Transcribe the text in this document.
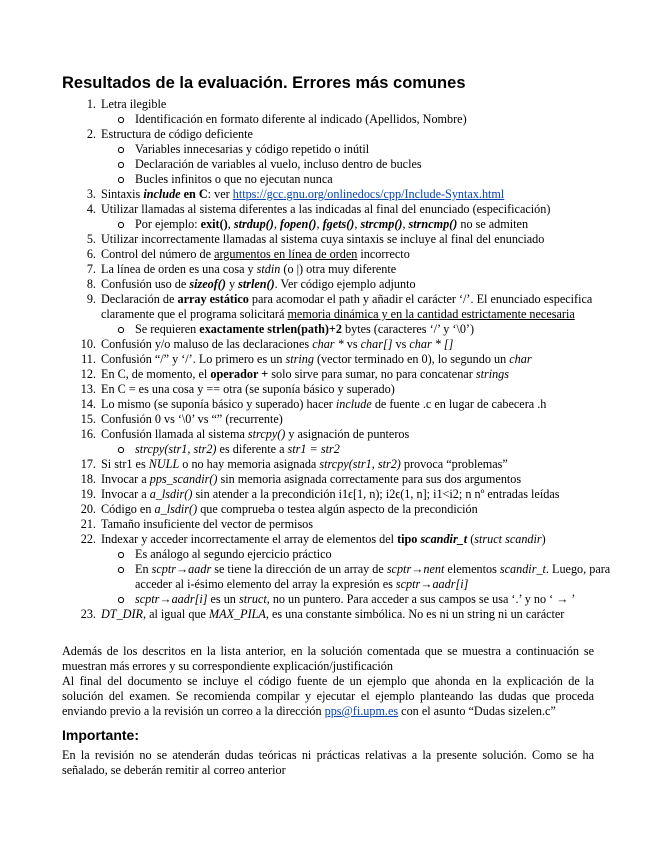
Resultados de la evaluación. Errores más comunes
1. Letra ilegible
Identificación en formato diferente al indicado (Apellidos, Nombre)
2. Estructura de código deficiente
Variables innecesarias y código repetido o inútil
Declaración de variables al vuelo, incluso dentro de bucles
Bucles infinitos o que no ejecutan nunca
3. Sintaxis include en C: ver https://gcc.gnu.org/onlinedocs/cpp/Include-Syntax.html
4. Utilizar llamadas al sistema diferentes a las indicadas al final del enunciado (especificación)
Por ejemplo: exit(), strdup(), fopen(), fgets(), strcmp(), strncmp() no se admiten
5. Utilizar incorrectamente llamadas al sistema cuya sintaxis se incluye al final del enunciado
6. Control del número de argumentos en línea de orden incorrecto
7. La línea de orden es una cosa y stdin (o |) otra muy diferente
8. Confusión uso de sizeof() y strlen(). Ver código ejemplo adjunto
9. Declaración de array estático para acomodar el path y añadir el carácter ‘/’. El enunciado especifica claramente que el programa solicitará memoria dinámica y en la cantidad estrictamente necesaria
Se requieren exactamente strlen(path)+2 bytes (caracteres ‘/’ y ‘\0’)
10. Confusión y/o maluso de las declaraciones char * vs char[] vs char * []
11. Confusión “/” y ‘/’. Lo primero es un string (vector terminado en 0), lo segundo un char
12. En C, de momento, el operador + solo sirve para sumar, no para concatenar strings
13. En C = es una cosa y == otra (se suponía básico y superado)
14. Lo mismo (se suponía básico y superado) hacer include de fuente .c en lugar de cabecera .h
15. Confusión 0 vs ‘\0’ vs “” (recurrente)
16. Confusión llamada al sistema strcpy() y asignación de punteros
strcpy(str1, str2) es diferente a str1 = str2
17. Si str1 es NULL o no hay memoria asignada strcpy(str1, str2) provoca “problemas”
18. Invocar a pps_scandir() sin memoria asignada correctamente para sus dos argumentos
19. Invocar a a_lsdir() sin atender a la precondición i1ϵ[1, n); i2ϵ(1, n]; i1<i2; n nº entradas leídas
20. Código en a_lsdir() que comprueba o testea algún aspecto de la precondición
21. Tamaño insuficiente del vector de permisos
22. Indexar y acceder incorrectamente el array de elementos del tipo scandir_t (struct scandir)
Es análogo al segundo ejercicio práctico
En scptr→aadr se tiene la dirección de un array de scptr→nent elementos scandir_t. Luego, para acceder al i-ésimo elemento del array la expresión es scptr→aadr[i]
scptr→aadr[i] es un struct, no un puntero. Para acceder a sus campos se usa ‘.’ y no ‘ → ’
23. DT_DIR, al igual que MAX_PILA, es una constante simbólica. No es ni un string ni un carácter

Además de los descritos en la lista anterior, en la solución comentada que se muestra a continuación se muestran más errores y su correspondiente explicación/justificación

Al final del documento se incluye el código fuente de un ejemplo que ahonda en la explicación de la solución del examen. Se recomienda compilar y ejecutar el ejemplo planteando las dudas que proceda enviando previo a la revisión un correo a la dirección pps@fi.upm.es con el asunto “Dudas sizelen.c”

Importante:

En la revisión no se atenderán dudas teóricas ni prácticas relativas a la presente solución. Como se ha señalado, se deberán remitir al correo anterior
